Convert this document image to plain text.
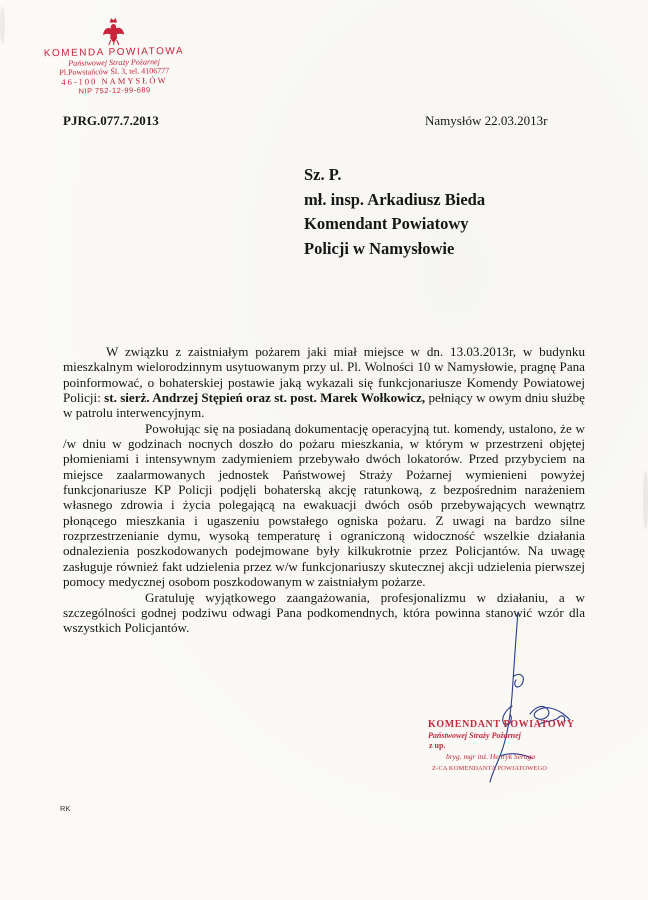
KOMENDA POWIATOWA
Państwowej Straży Pożarnej
Pl.Powstańców Śl. 3, tel. 4106777
46-100 NAMYSŁÓW
NIP 752-12-99-689
PJRG.077.7.2013	Namysłów 22.03.2013r
Sz. P.
mł. insp. Arkadiusz Bieda
Komendant Powiatowy
Policji w Namysłowie

W związku z zaistniałym pożarem jaki miał miejsce w dn. 13.03.2013r, w budynku mieszkalnym wielorodzinnym usytuowanym przy ul. Pl. Wolności 10 w Namysłowie, pragnę Pana poinformować, o bohaterskiej postawie jaką wykazali się funkcjonariusze Komendy Powiatowej Policji: st. sierż. Andrzej Stępień oraz st. post. Marek Wołkowicz, pełniący w owym dniu służbę w patrolu interwencyjnym.

Powołując się na posiadaną dokumentację operacyjną tut. komendy, ustalono, że w /w dniu w godzinach nocnych doszło do pożaru mieszkania, w którym w przestrzeni objętej płomieniami i intensywnym zadymieniem przebywało dwóch lokatorów. Przed przybyciem na miejsce zaalarmowanych jednostek Państwowej Straży Pożarnej wymienieni powyżej funkcjonariusze KP Policji podjęli bohaterską akcję ratunkową, z bezpośrednim narażeniem własnego zdrowia i życia polegającą na ewakuacji dwóch osób przebywających wewnątrz płonącego mieszkania i ugaszeniu powstałego ogniska pożaru. Z uwagi na bardzo silne rozprzestrzenianie dymu, wysoką temperaturę i ograniczoną widoczność wszelkie działania odnalezienia poszkodowanych podejmowane były kilkukrotnie przez Policjantów. Na uwagę zasługuje również fakt udzielenia przez w/w funkcjonariuszy skutecznej akcji udzielenia pierwszej pomocy medycznej osobom poszkodowanym w zaistniałym pożarze.

Gratuluję wyjątkowego zaangażowania, profesjonalizmu w działaniu, a w szczególności godnej podziwu odwagi Pana podkomendnych, która powinna stanowić wzór dla wszystkich Policjantów.

KOMENDANT POWIATOWY
Państwowej Straży Pożarnej
z up.
bryg. mgr inż. Henryk Seruga
Z-CA KOMENDANTA POWIATOWEGO
RK
